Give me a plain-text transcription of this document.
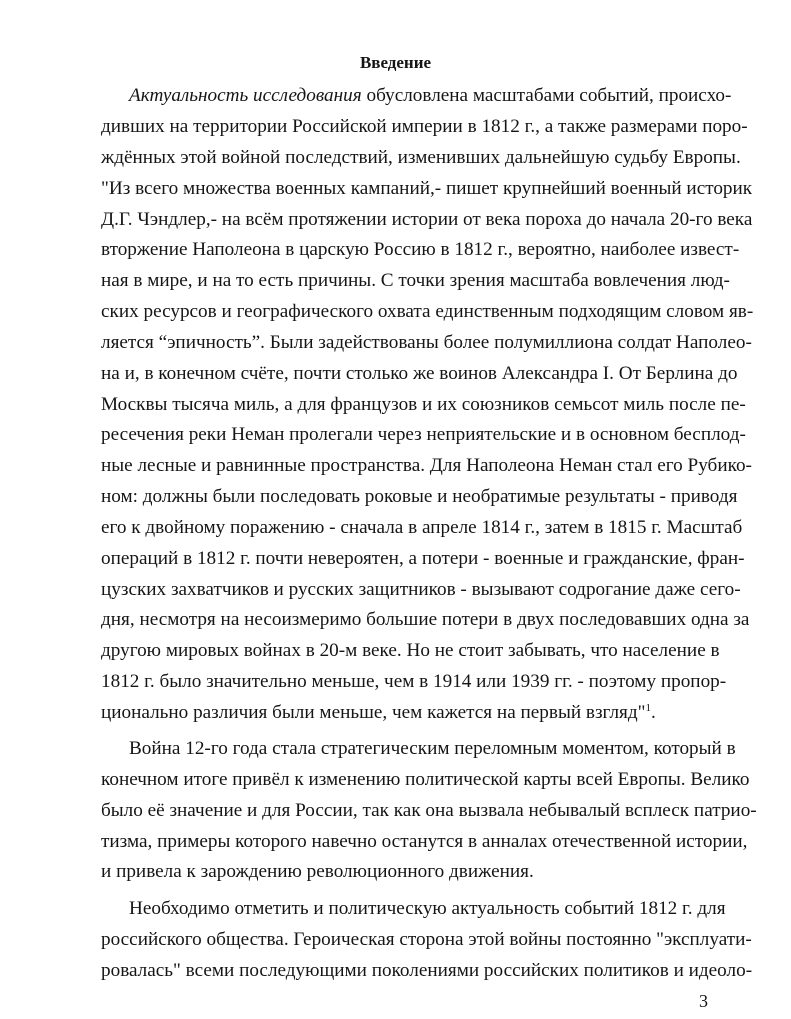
Введение
Актуальность исследования обусловлена масштабами событий, происхо-
дивших на территории Российской империи в 1812 г., а также размерами поро-
ждённых этой войной последствий, изменивших дальнейшую судьбу Европы.
"Из всего множества военных кампаний,- пишет крупнейший военный историк
Д.Г. Чэндлер,- на всём протяжении истории от века пороха до начала 20-го века
вторжение Наполеона в царскую Россию в 1812 г., вероятно, наиболее извест-
ная в мире, и на то есть причины. С точки зрения масштаба вовлечения люд-
ских ресурсов и географического охвата единственным подходящим словом яв-
ляется “эпичность”. Были задействованы более полумиллиона солдат Наполео-
на и, в конечном счёте, почти столько же воинов Александра I. От Берлина до
Москвы тысяча миль, а для французов и их союзников семьсот миль после пе-
ресечения реки Неман пролегали через неприятельские и в основном бесплод-
ные лесные и равнинные пространства. Для Наполеона Неман стал его Рубико-
ном: должны были последовать роковые и необратимые результаты - приводя
его к двойному поражению - сначала в апреле 1814 г., затем в 1815 г. Масштаб
операций в 1812 г. почти невероятен, а потери - военные и гражданские, фран-
цузских захватчиков и русских защитников - вызывают содрогание даже сего-
дня, несмотря на несоизмеримо большие потери в двух последовавших одна за
другою мировых войнах в 20-м веке. Но не стоит забывать, что население в
1812 г. было значительно меньше, чем в 1914 или 1939 гг. - поэтому пропор-
ционально различия были меньше, чем кажется на первый взгляд"$^1$.
Война 12-го года стала стратегическим переломным моментом, который в
конечном итоге привёл к изменению политической карты всей Европы. Велико
было её значение и для России, так как она вызвала небывалый всплеск патрио-
тизма, примеры которого навечно останутся в анналах отечественной истории,
и привела к зарождению революционного движения.
Необходимо отметить и политическую актуальность событий 1812 г. для
российского общества. Героическая сторона этой войны постоянно "эксплуати-
ровалась" всеми последующими поколениями российских политиков и идеоло-
3
